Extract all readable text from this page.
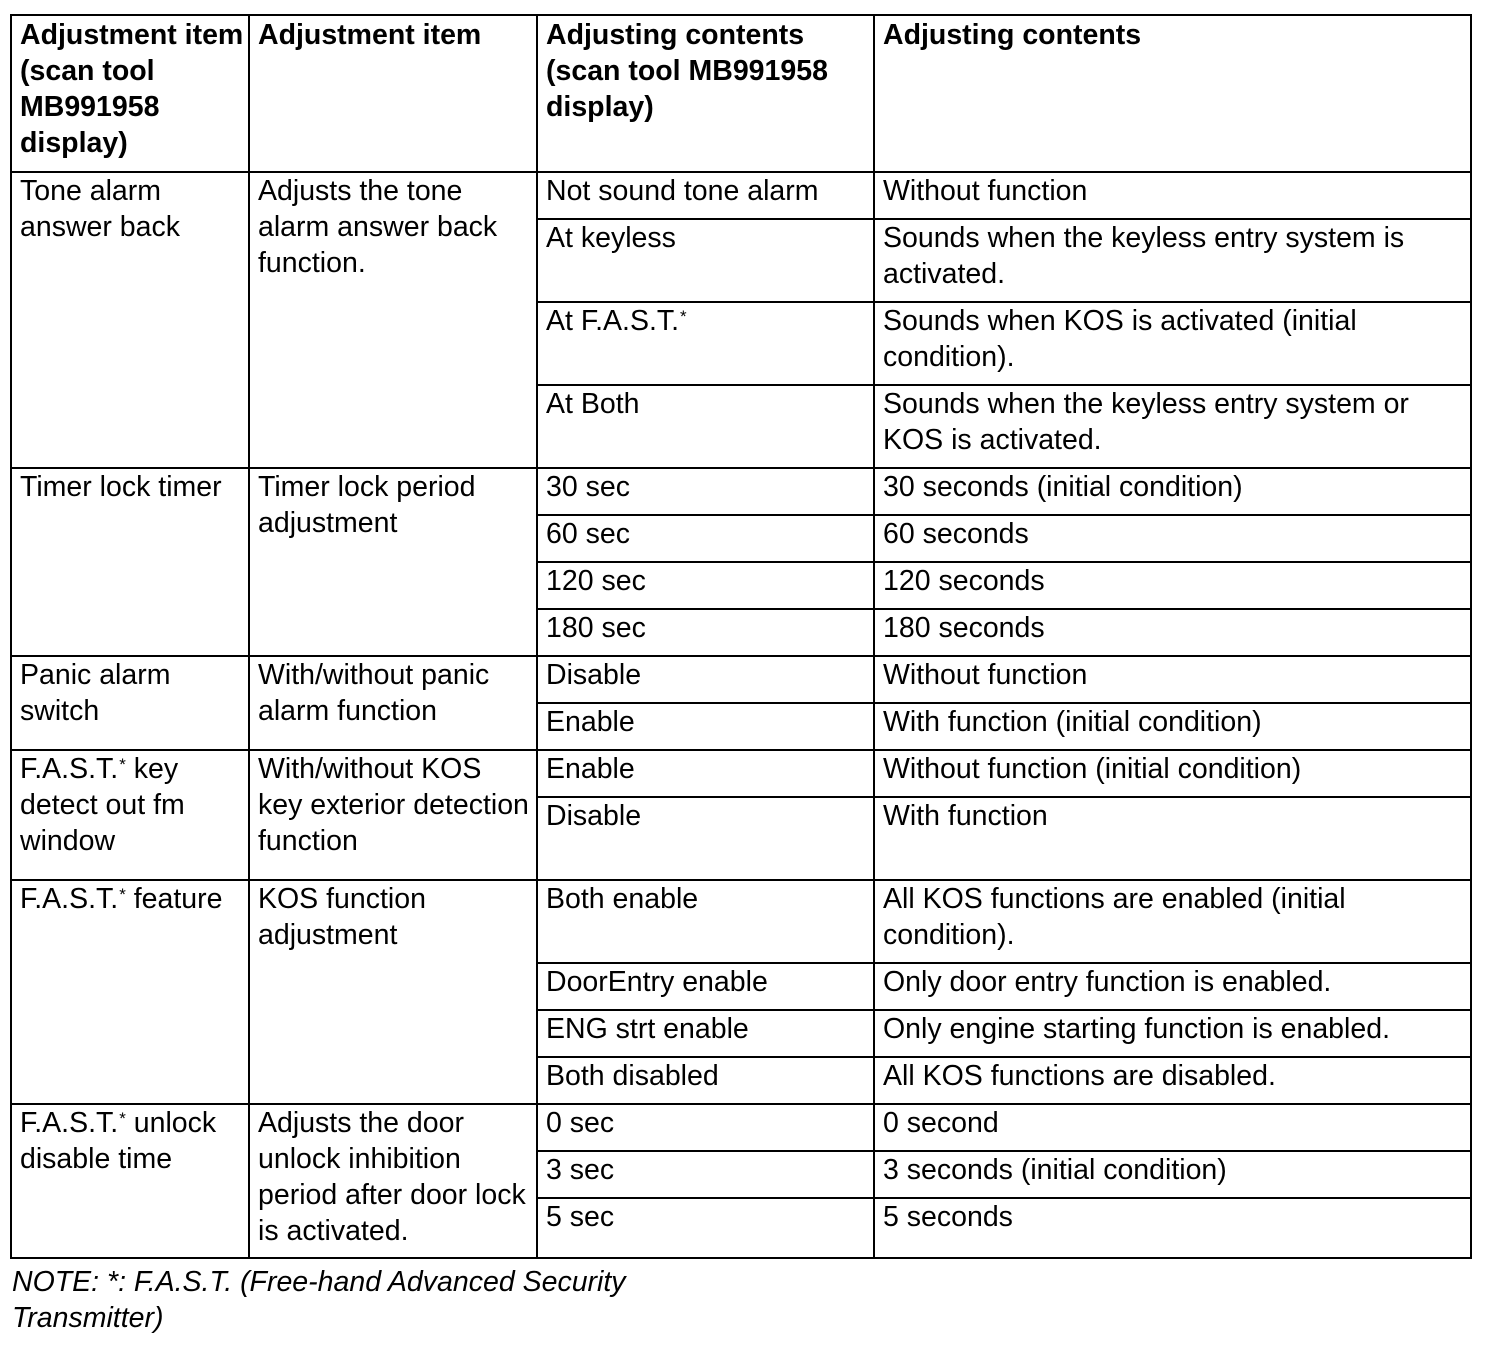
Adjustment item (scan tool MB991958 display)	Adjustment item	Adjusting contents (scan tool MB991958 display)	Adjusting contents
Tone alarm answer back	Adjusts the tone alarm answer back function.	Not sound tone alarm	Without function
		At keyless	Sounds when the keyless entry system is activated.
		At F.A.S.T.*	Sounds when KOS is activated (initial condition).
		At Both	Sounds when the keyless entry system or KOS is activated.
Timer lock timer	Timer lock period adjustment	30 sec	30 seconds (initial condition)
		60 sec	60 seconds
		120 sec	120 seconds
		180 sec	180 seconds
Panic alarm switch	With/without panic alarm function	Disable	Without function
		Enable	With function (initial condition)
F.A.S.T.* key detect out fm window	With/without KOS key exterior detection function	Enable	Without function (initial condition)
		Disable	With function
F.A.S.T.* feature	KOS function adjustment	Both enable	All KOS functions are enabled (initial condition).
		DoorEntry enable	Only door entry function is enabled.
		ENG strt enable	Only engine starting function is enabled.
		Both disabled	All KOS functions are disabled.
F.A.S.T.* unlock disable time	Adjusts the door unlock inhibition period after door lock is activated.	0 sec	0 second
		3 sec	3 seconds (initial condition)
		5 sec	5 seconds
NOTE: *: F.A.S.T. (Free-hand Advanced Security Transmitter)
